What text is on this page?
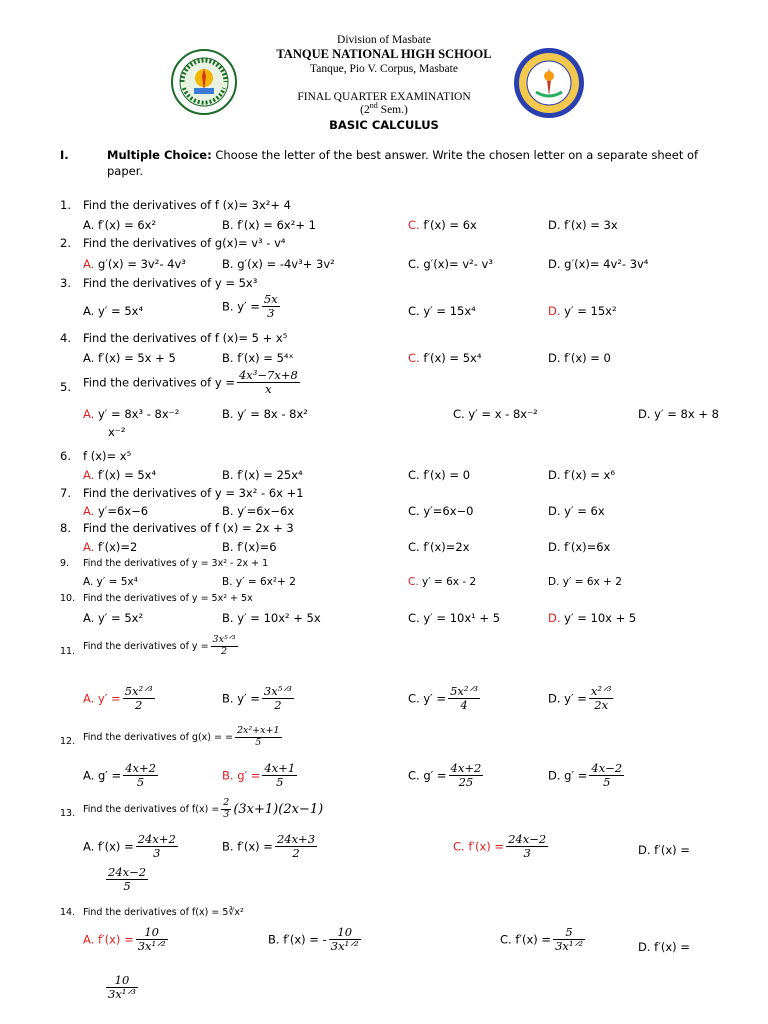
Division of Masbate
TANQUE NATIONAL HIGH SCHOOL
Tanque, Pio V. Corpus, Masbate
FINAL QUARTER EXAMINATION
(2nd Sem.)
BASIC CALCULUS
I.	Multiple Choice: Choose the letter of the best answer. Write the chosen letter on a separate sheet of
paper.
1. Find the derivatives of f (x)= 3x²+ 4
A. f′(x) = 6x²	B. f′(x) = 6x²+ 1	C. f′(x) = 6x	D. f′(x) = 3x
2. Find the derivatives of g(x)= v³ - v⁴
A. g′(x) = 3v²- 4v³	B. g′(x) = -4v³+ 3v²	C. g′(x)= v²- v³	D. g′(x)= 4v²- 3v⁴
4. Find the derivatives of f (x)= 5 + x⁵
A. f′(x) = 5x + 5	B. f′(x) = 5⁴ˣ	C. f′(x) = 5x⁴	D. f′(x) = 0
6. f (x)= x⁵
A. f′(x) = 5x⁴	B. f′(x) = 25x⁴	C. f′(x) = 0	D. f′(x) = x⁶
7. Find the derivatives of y = 3x² - 6x +1
A. y′=6x−6	B. y′=6x−6x	C. y′=6x−0	D. y′ = 6x
8. Find the derivatives of f (x) = 2x + 3
A. f′(x)=2	B. f′(x)=6	C. f′(x)=2x	D. f′(x)=6x
9. Find the derivatives of y = 3x² - 2x + 1
A. y′ = 5x⁴	B. y′ = 6x²+ 2	C. y′ = 6x - 2	D. y′ = 6x + 2
10. Find the derivatives of y = 5x² + 5x
A. y′ = 5x²	B. y′ = 10x² + 5x	C. y′ = 10x¹ + 5	D. y′ = 10x + 5
3. Find the derivatives of y = 5x³
A. y′ = 5x⁴	B. $y' = \frac{5x}{3}$	C. y′ = 15x⁴	D. y′ = 15x²
5. Find the derivatives of $y = \frac{\text{4x³−7x+8}}{x}$
A. y′ = 8x³ - 8x⁻²	B. y′ = 8x - 8x²	C. y′ = x - 8x⁻²	D. y′ = 8x + 8
x⁻²
11. Find the derivatives of $y = \frac{\text{3x⁵ᐟ³}}{2}$
A. $y' = \frac{\text{5x²ᐟ³}}{2}$	B. $y' = \frac{\text{3x⁵ᐟ³}}{2}$	C. $y' = \frac{\text{5x²ᐟ³}}{4}$	D. $y' = \frac{\text{x²ᐟ³}}{2x}$
12. Find the derivatives of g(x) = = $\frac{\text{2x²+x+1}}{5}$
A. $g' = \frac{4x+2}{5}$	B. $g' = \frac{4x+1}{5}$	C. $g' = \frac{4x+2}{25}$	D. $g' = \frac{4x-2}{5}$
13. Find the derivatives of $f(x) = \frac{2}{3} (3x+1)(2x-1)$
A. $f'(x) = \frac{24x+2}{3}$	B. $f'(x) = \frac{24x+3}{2}$	C. $f'(x) = \frac{24x-2}{3}$	D. f′(x) =
$\frac{24x-2}{5}$
14. Find the derivatives of f(x) = 5∛x²
A. $f'(x) = \frac{10}{\text{3x¹ᐟ²}}$	B. f′(x) = - $\frac{10}{\text{3x¹ᐟ²}}$	C. $f'(x) = \frac{5}{\text{3x¹ᐟ²}}$	D. f′(x) =
$\frac{10}{\text{3x¹ᐟ³}}$
